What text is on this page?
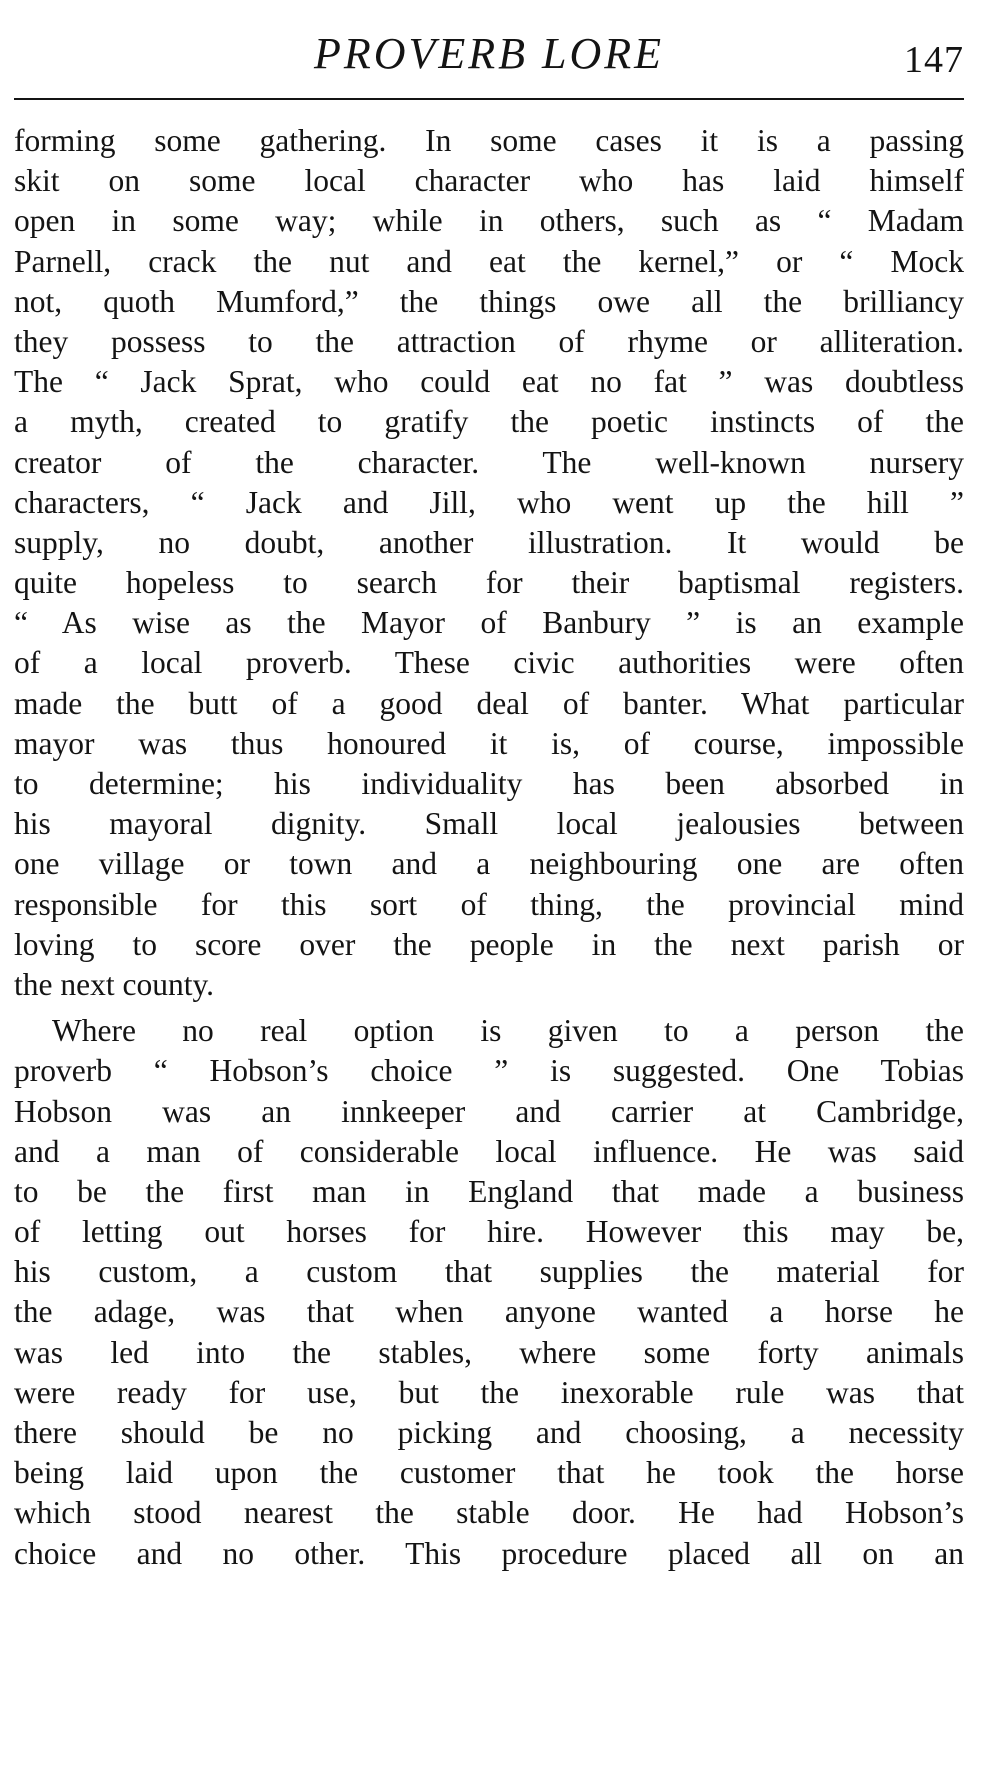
PROVERB LORE	147
forming some gathering. In some cases it is a passing
skit on some local character who has laid himself
open in some way; while in others, such as “ Madam
Parnell, crack the nut and eat the kernel,” or “ Mock
not, quoth Mumford,” the things owe all the brilliancy
they possess to the attraction of rhyme or alliteration.
The “ Jack Sprat, who could eat no fat ” was doubtless
a myth, created to gratify the poetic instincts of the
creator of the character. The well-known nursery
characters, “ Jack and Jill, who went up the hill ”
supply, no doubt, another illustration. It would be
quite hopeless to search for their baptismal registers.
“ As wise as the Mayor of Banbury ” is an example
of a local proverb. These civic authorities were often
made the butt of a good deal of banter. What particular
mayor was thus honoured it is, of course, impossible
to determine; his individuality has been absorbed in
his mayoral dignity. Small local jealousies between
one village or town and a neighbouring one are often
responsible for this sort of thing, the provincial mind
loving to score over the people in the next parish or
the next county.
Where no real option is given to a person the
proverb “ Hobson’s choice ” is suggested. One Tobias
Hobson was an innkeeper and carrier at Cambridge,
and a man of considerable local influence. He was said
to be the first man in England that made a business
of letting out horses for hire. However this may be,
his custom, a custom that supplies the material for
the adage, was that when anyone wanted a horse he
was led into the stables, where some forty animals
were ready for use, but the inexorable rule was that
there should be no picking and choosing, a necessity
being laid upon the customer that he took the horse
which stood nearest the stable door. He had Hobson’s
choice and no other. This procedure placed all on an
